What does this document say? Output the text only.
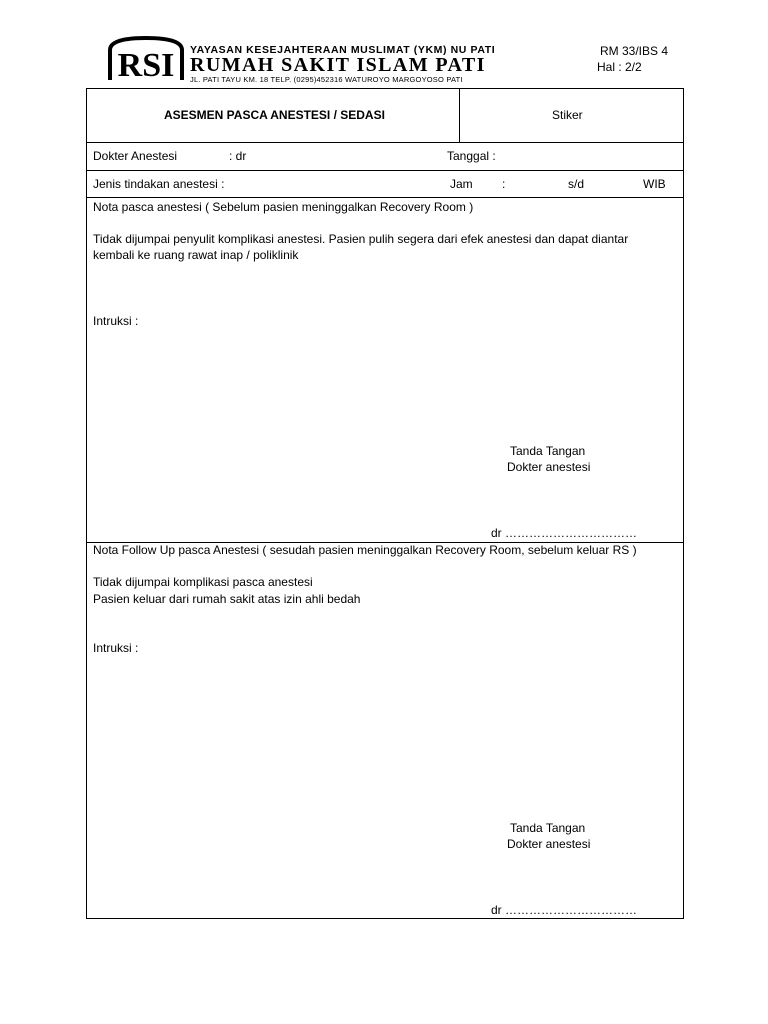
RSI YAYASAN KESEJAHTERAAN MUSLIMAT (YKM) NU PATI
RUMAH SAKIT ISLAM PATI
JL. PATI TAYU KM. 18 TELP. (0295)452316 WATUROYO MARGOYOSO PATI
RM 33/IBS 4
Hal : 2/2
ASESMEN PASCA ANESTESI / SEDASI	Stiker
Dokter Anestesi	: dr	Tanggal :
Jenis tindakan anestesi :	Jam :	s/d	WIB
Nota pasca anestesi ( Sebelum pasien meninggalkan Recovery Room )
Tidak dijumpai penyulit komplikasi anestesi. Pasien pulih segera dari efek anestesi dan dapat diantar
kembali ke ruang rawat inap / poliklinik
Intruksi :
Tanda Tangan
Dokter anestesi
dr ……………………………
Nota Follow Up pasca Anestesi ( sesudah pasien meninggalkan Recovery Room, sebelum keluar RS )
Tidak dijumpai komplikasi pasca anestesi
Pasien keluar dari rumah sakit atas izin ahli bedah
Intruksi :
Tanda Tangan
Dokter anestesi
dr ……………………………
